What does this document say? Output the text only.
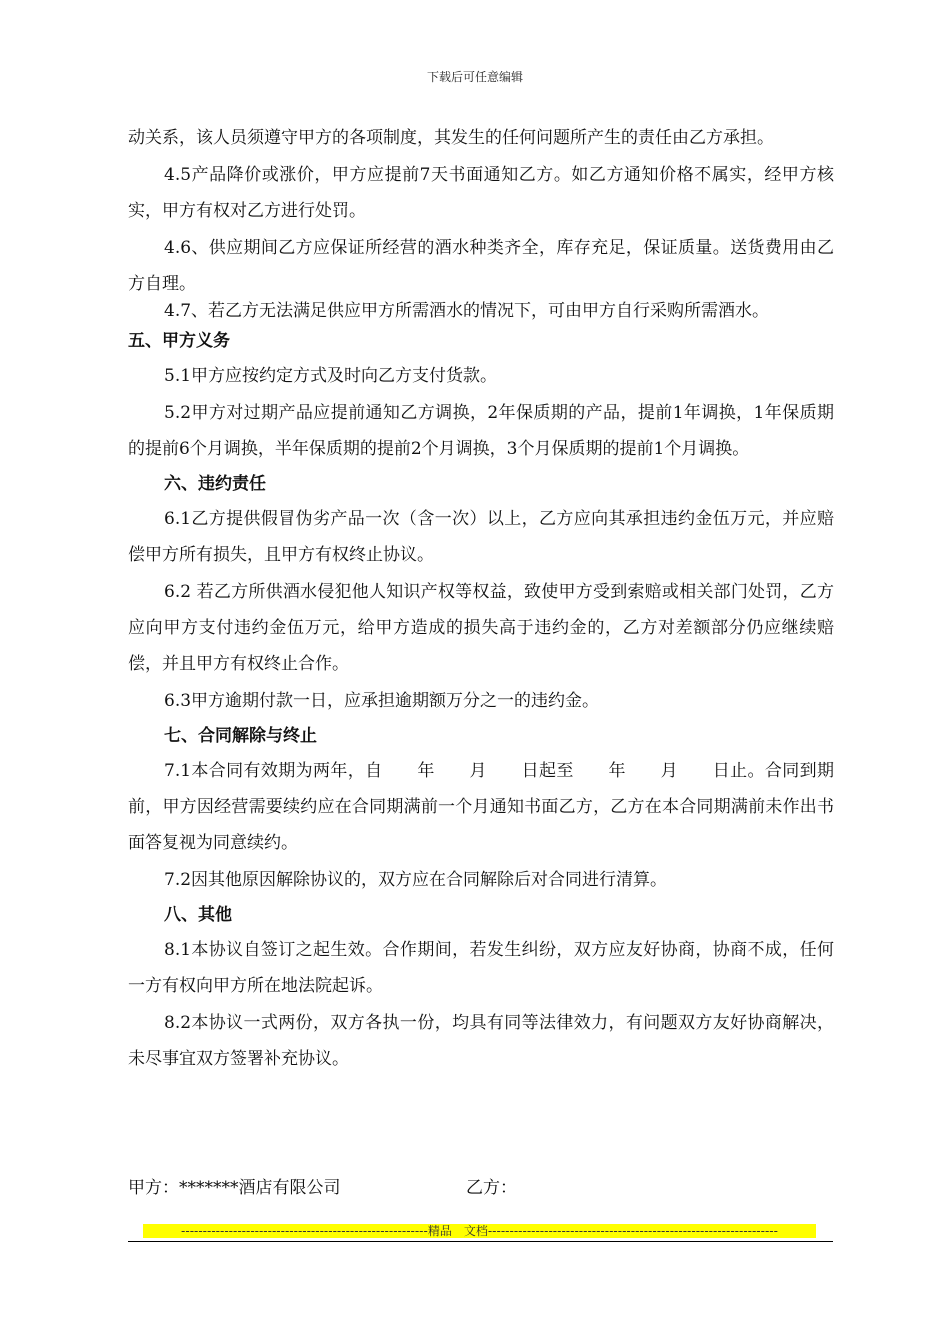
下载后可任意编辑

动关系，该人员须遵守甲方的各项制度，其发生的任何问题所产生的责任由乙方承担。

4.5产品降价或涨价，甲方应提前7天书面通知乙方。如乙方通知价格不属实，经甲方核实，甲方有权对乙方进行处罚。

4.6、供应期间乙方应保证所经营的酒水种类齐全，库存充足，保证质量。送货费用由乙方自理。

4.7、若乙方无法满足供应甲方所需酒水的情况下，可由甲方自行采购所需酒水。

五、甲方义务

5.1甲方应按约定方式及时向乙方支付货款。

5.2甲方对过期产品应提前通知乙方调换，2年保质期的产品，提前1年调换，1年保质期的提前6个月调换，半年保质期的提前2个月调换，3个月保质期的提前1个月调换。

六、违约责任

6.1乙方提供假冒伪劣产品一次（含一次）以上，乙方应向其承担违约金伍万元，并应赔偿甲方所有损失，且甲方有权终止协议。

6.2 若乙方所供酒水侵犯他人知识产权等权益，致使甲方受到索赔或相关部门处罚，乙方应向甲方支付违约金伍万元，给甲方造成的损失高于违约金的，乙方对差额部分仍应继续赔偿，并且甲方有权终止合作。

6.3甲方逾期付款一日，应承担逾期额万分之一的违约金。

七、合同解除与终止

7.1本合同有效期为两年，自　　年　　月　　日起至　　年　　月　　日止。合同到期前，甲方因经营需要续约应在合同期满前一个月通知书面乙方，乙方在本合同期满前未作出书面答复视为同意续约。

7.2因其他原因解除协议的，双方应在合同解除后对合同进行清算。

八、其他

8.1本协议自签订之起生效。合作期间，若发生纠纷，双方应友好协商，协商不成，任何一方有权向甲方所在地法院起诉。

8.2本协议一式两份，双方各执一份，均具有同等法律效力，有问题双方友好协商解决，未尽事宜双方签署补充协议。

甲方：*******酒店有限公司	乙方：
---------------------------------------------------------精品　文档-------------------------------------------------------------------
